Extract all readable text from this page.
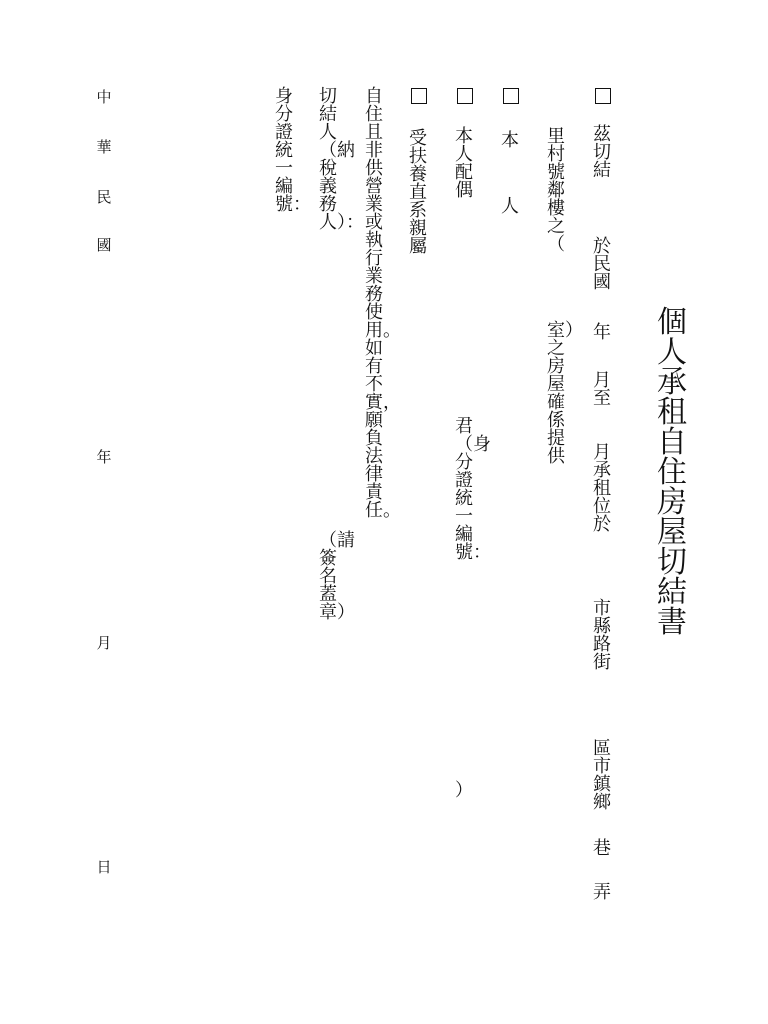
個人承租自住房屋切結書
茲切結
於民國
年
月至
月承租位於
市縣路街
區市鎮鄉
巷
弄
里村號鄰樓之（
室）之房屋確係提供
本
人
本人配偶
君（身分證統一編號：
）
受扶養直系親屬
自住且非供營業或執行業務使用。如有不實，願負法律責任。
切結人（納稅義務人）：
（請簽名蓋章）
身分證統一編號：
中
華
民
國
年
月
日
